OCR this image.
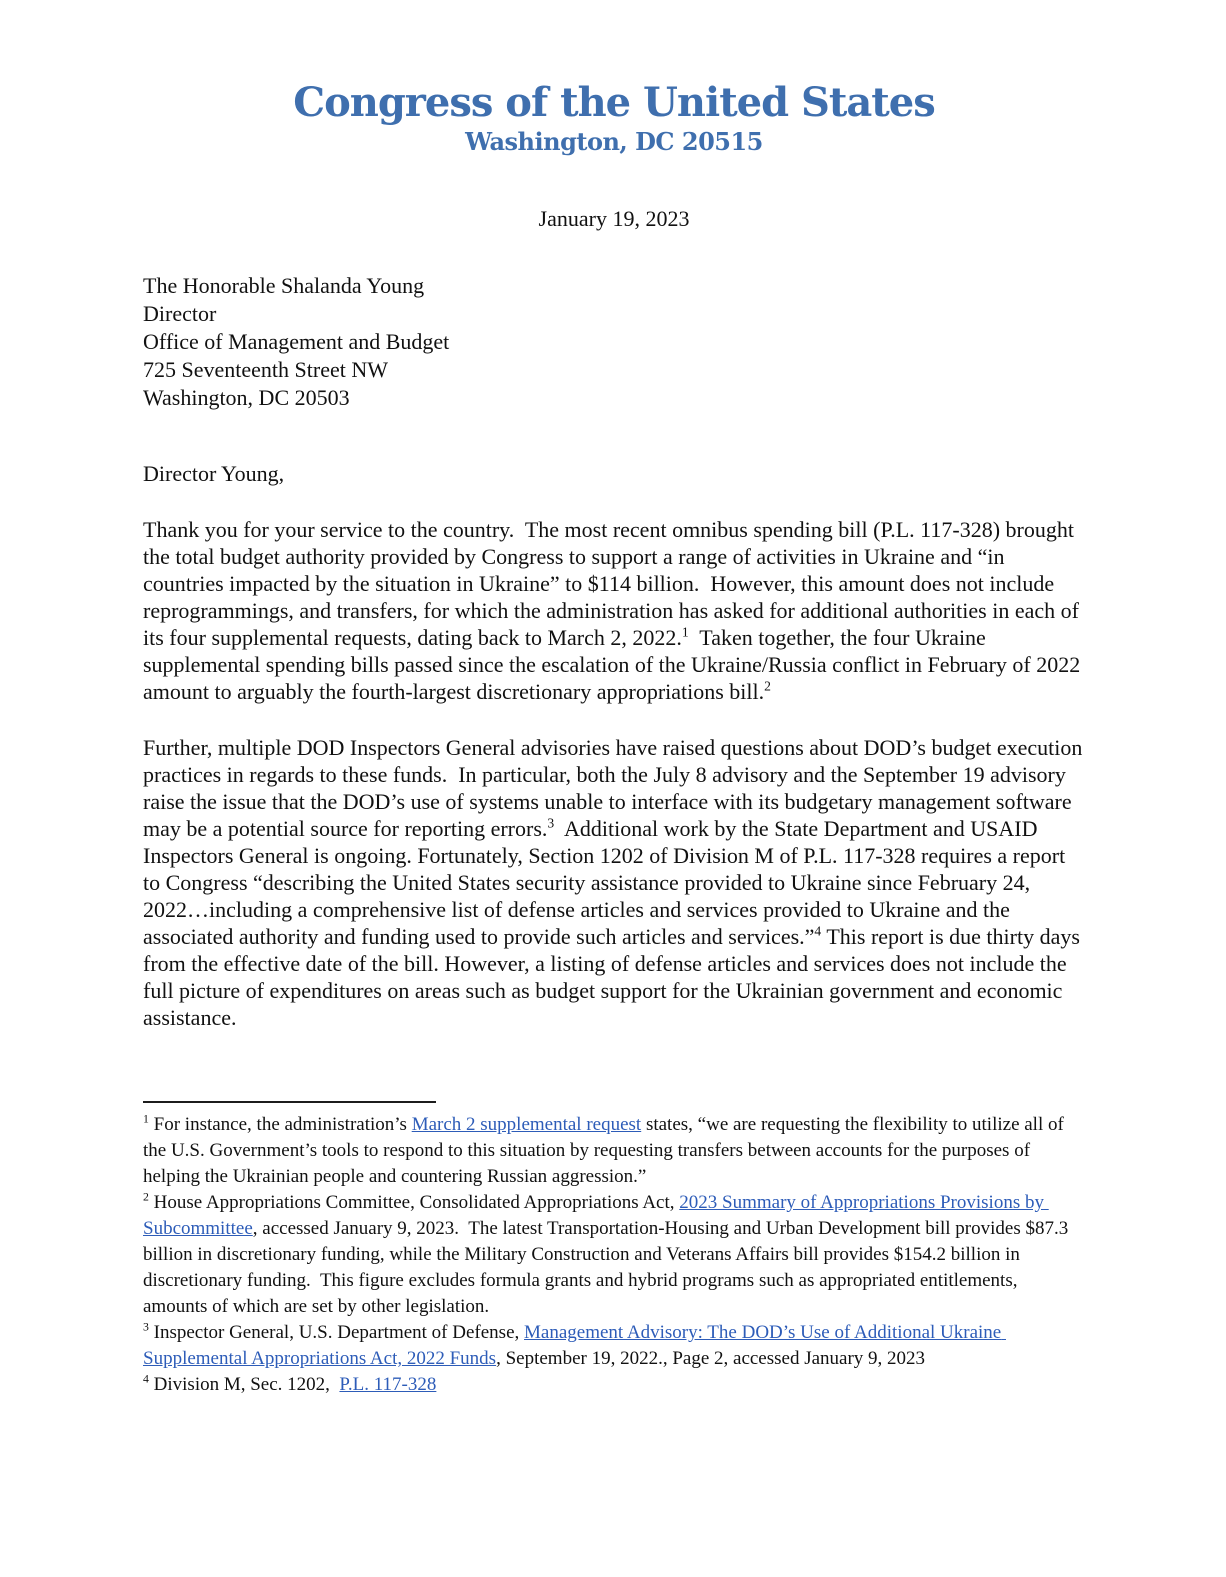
Congress of the United States
Washington, DC 20515
January 19, 2023
The Honorable Shalanda Young
Director
Office of Management and Budget
725 Seventeenth Street NW
Washington, DC 20503
Director Young,

Thank you for your service to the country.  The most recent omnibus spending bill (P.L. 117-328) brought the total budget authority provided by Congress to support a range of activities in Ukraine and “in countries impacted by the situation in Ukraine” to $114 billion.  However, this amount does not include reprogrammings, and transfers, for which the administration has asked for additional authorities in each of its four supplemental requests, dating back to March 2, 2022.$^1$  Taken together, the four Ukraine supplemental spending bills passed since the escalation of the Ukraine/Russia conflict in February of 2022 amount to arguably the fourth-largest discretionary appropriations bill.$^2$

Further, multiple DOD Inspectors General advisories have raised questions about DOD’s budget execution practices in regards to these funds.  In particular, both the July 8 advisory and the September 19 advisory raise the issue that the DOD’s use of systems unable to interface with its budgetary management software may be a potential source for reporting errors.$^3$  Additional work by the State Department and USAID Inspectors General is ongoing. Fortunately, Section 1202 of Division M of P.L. 117-328 requires a report to Congress “describing the United States security assistance provided to Ukraine since February 24, 2022…including a comprehensive list of defense articles and services provided to Ukraine and the associated authority and funding used to provide such articles and services.”$^4$ This report is due thirty days from the effective date of the bill. However, a listing of defense articles and services does not include the full picture of expenditures on areas such as budget support for the Ukrainian government and economic assistance.

$^1$ For instance, the administration’s March 2 supplemental request states, “we are requesting the flexibility to utilize all of the U.S. Government’s tools to respond to this situation by requesting transfers between accounts for the purposes of helping the Ukrainian people and countering Russian aggression.”
$^2$ House Appropriations Committee, Consolidated Appropriations Act, 2023 Summary of Appropriations Provisions by Subcommittee, accessed January 9, 2023.  The latest Transportation-Housing and Urban Development bill provides $87.3 billion in discretionary funding, while the Military Construction and Veterans Affairs bill provides $154.2 billion in discretionary funding.  This figure excludes formula grants and hybrid programs such as appropriated entitlements, amounts of which are set by other legislation.
$^3$ Inspector General, U.S. Department of Defense, Management Advisory: The DOD’s Use of Additional Ukraine Supplemental Appropriations Act, 2022 Funds, September 19, 2022., Page 2, accessed January 9, 2023
$^4$ Division M, Sec. 1202,  P.L. 117-328
